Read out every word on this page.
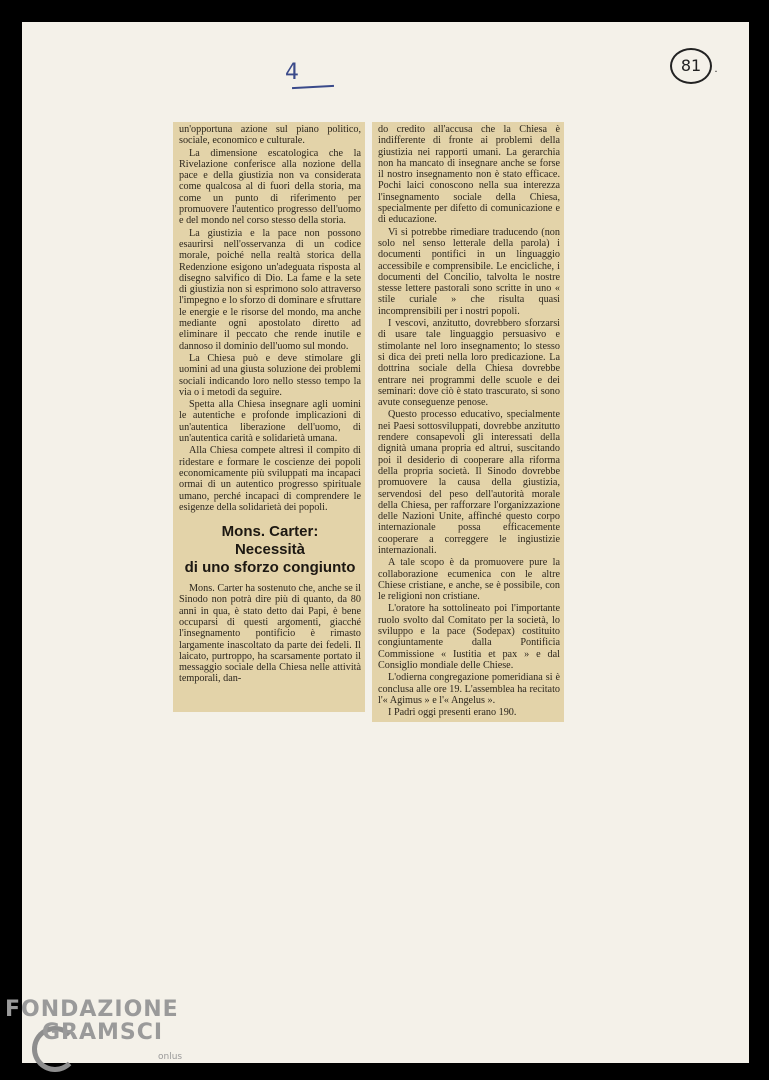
4	81	·

un'opportuna azione sul piano politico, sociale, economico e culturale.

La dimensione escatologica che la Rivelazione conferisce alla nozione della pace e della giustizia non va considerata come qualcosa al di fuori della storia, ma come un punto di riferimento per promuovere l'autentico progresso dell'uomo e del mondo nel corso stesso della storia.

La giustizia e la pace non possono esaurirsi nell'osservanza di un codice morale, poiché nella realtà storica della Redenzione esigono un'adeguata risposta al disegno salvifico di Dio. La fame e la sete di giustizia non si esprimono solo attraverso l'impegno e lo sforzo di dominare e sfruttare le energie e le risorse del mondo, ma anche mediante ogni apostolato diretto ad eliminare il peccato che rende inutile e dannoso il dominio dell'uomo sul mondo.

La Chiesa può e deve stimolare gli uomini ad una giusta soluzione dei problemi sociali indicando loro nello stesso tempo la via o i metodi da seguire.

Spetta alla Chiesa insegnare agli uomini le autentiche e profonde implicazioni di un'autentica liberazione dell'uomo, di un'autentica carità e solidarietà umana.

Alla Chiesa compete altresì il compito di ridestare e formare le coscienze dei popoli economicamente più sviluppati ma incapaci ormai di un autentico progresso spirituale umano, perché incapaci di comprendere le esigenze della solidarietà dei popoli.

Mons. Carter:
Necessità
di uno sforzo congiunto

Mons. Carter ha sostenuto che, anche se il Sinodo non potrà dire più di quanto, da 80 anni in qua, è stato detto dai Papi, è bene occuparsi di questi argomenti, giacché l'insegnamento pontificio è rimasto largamente inascoltato da parte dei fedeli. Il laicato, purtroppo, ha scarsamente portato il messaggio sociale della Chiesa nelle attività temporali, dan-

do credito all'accusa che la Chiesa è indifferente di fronte ai problemi della giustizia nei rapporti umani. La gerarchia non ha mancato di insegnare anche se forse il nostro insegnamento non è stato efficace. Pochi laici conoscono nella sua interezza l'insegnamento sociale della Chiesa, specialmente per difetto di comunicazione e di educazione.

Vi si potrebbe rimediare traducendo (non solo nel senso letterale della parola) i documenti pontifici in un linguaggio accessibile e comprensibile. Le encicliche, i documenti del Concilio, talvolta le nostre stesse lettere pastorali sono scritte in uno « stile curiale » che risulta quasi incomprensibili per i nostri popoli.

I vescovi, anzitutto, dovrebbero sforzarsi di usare tale linguaggio persuasivo e stimolante nel loro insegnamento; lo stesso si dica dei preti nella loro predicazione. La dottrina sociale della Chiesa dovrebbe entrare nei programmi delle scuole e dei seminari: dove ciò è stato trascurato, si sono avute conseguenze penose.

Questo processo educativo, specialmente nei Paesi sottosviluppati, dovrebbe anzitutto rendere consapevoli gli interessati della dignità umana propria ed altrui, suscitando poi il desiderio di cooperare alla riforma della propria società. Il Sinodo dovrebbe promuovere la causa della giustizia, servendosi del peso dell'autorità morale della Chiesa, per rafforzare l'organizzazione delle Nazioni Unite, affinché questo corpo internazionale possa efficacemente cooperare a correggere le ingiustizie internazionali.

A tale scopo è da promuovere pure la collaborazione ecumenica con le altre Chiese cristiane, e anche, se è possibile, con le religioni non cristiane.

L'oratore ha sottolineato poi l'importante ruolo svolto dal Comitato per la società, lo sviluppo e la pace (Sodepax) costituito congiuntamente dalla Pontificia Commissione « Iustitia et pax » e dal Consiglio mondiale delle Chiese.

L'odierna congregazione pomeridiana si è conclusa alle ore 19. L'assemblea ha recitato l'« Agimus » e l'« Angelus ».

I Padri oggi presenti erano 190.

FONDAZIONE
GRAMSCI
onlus
